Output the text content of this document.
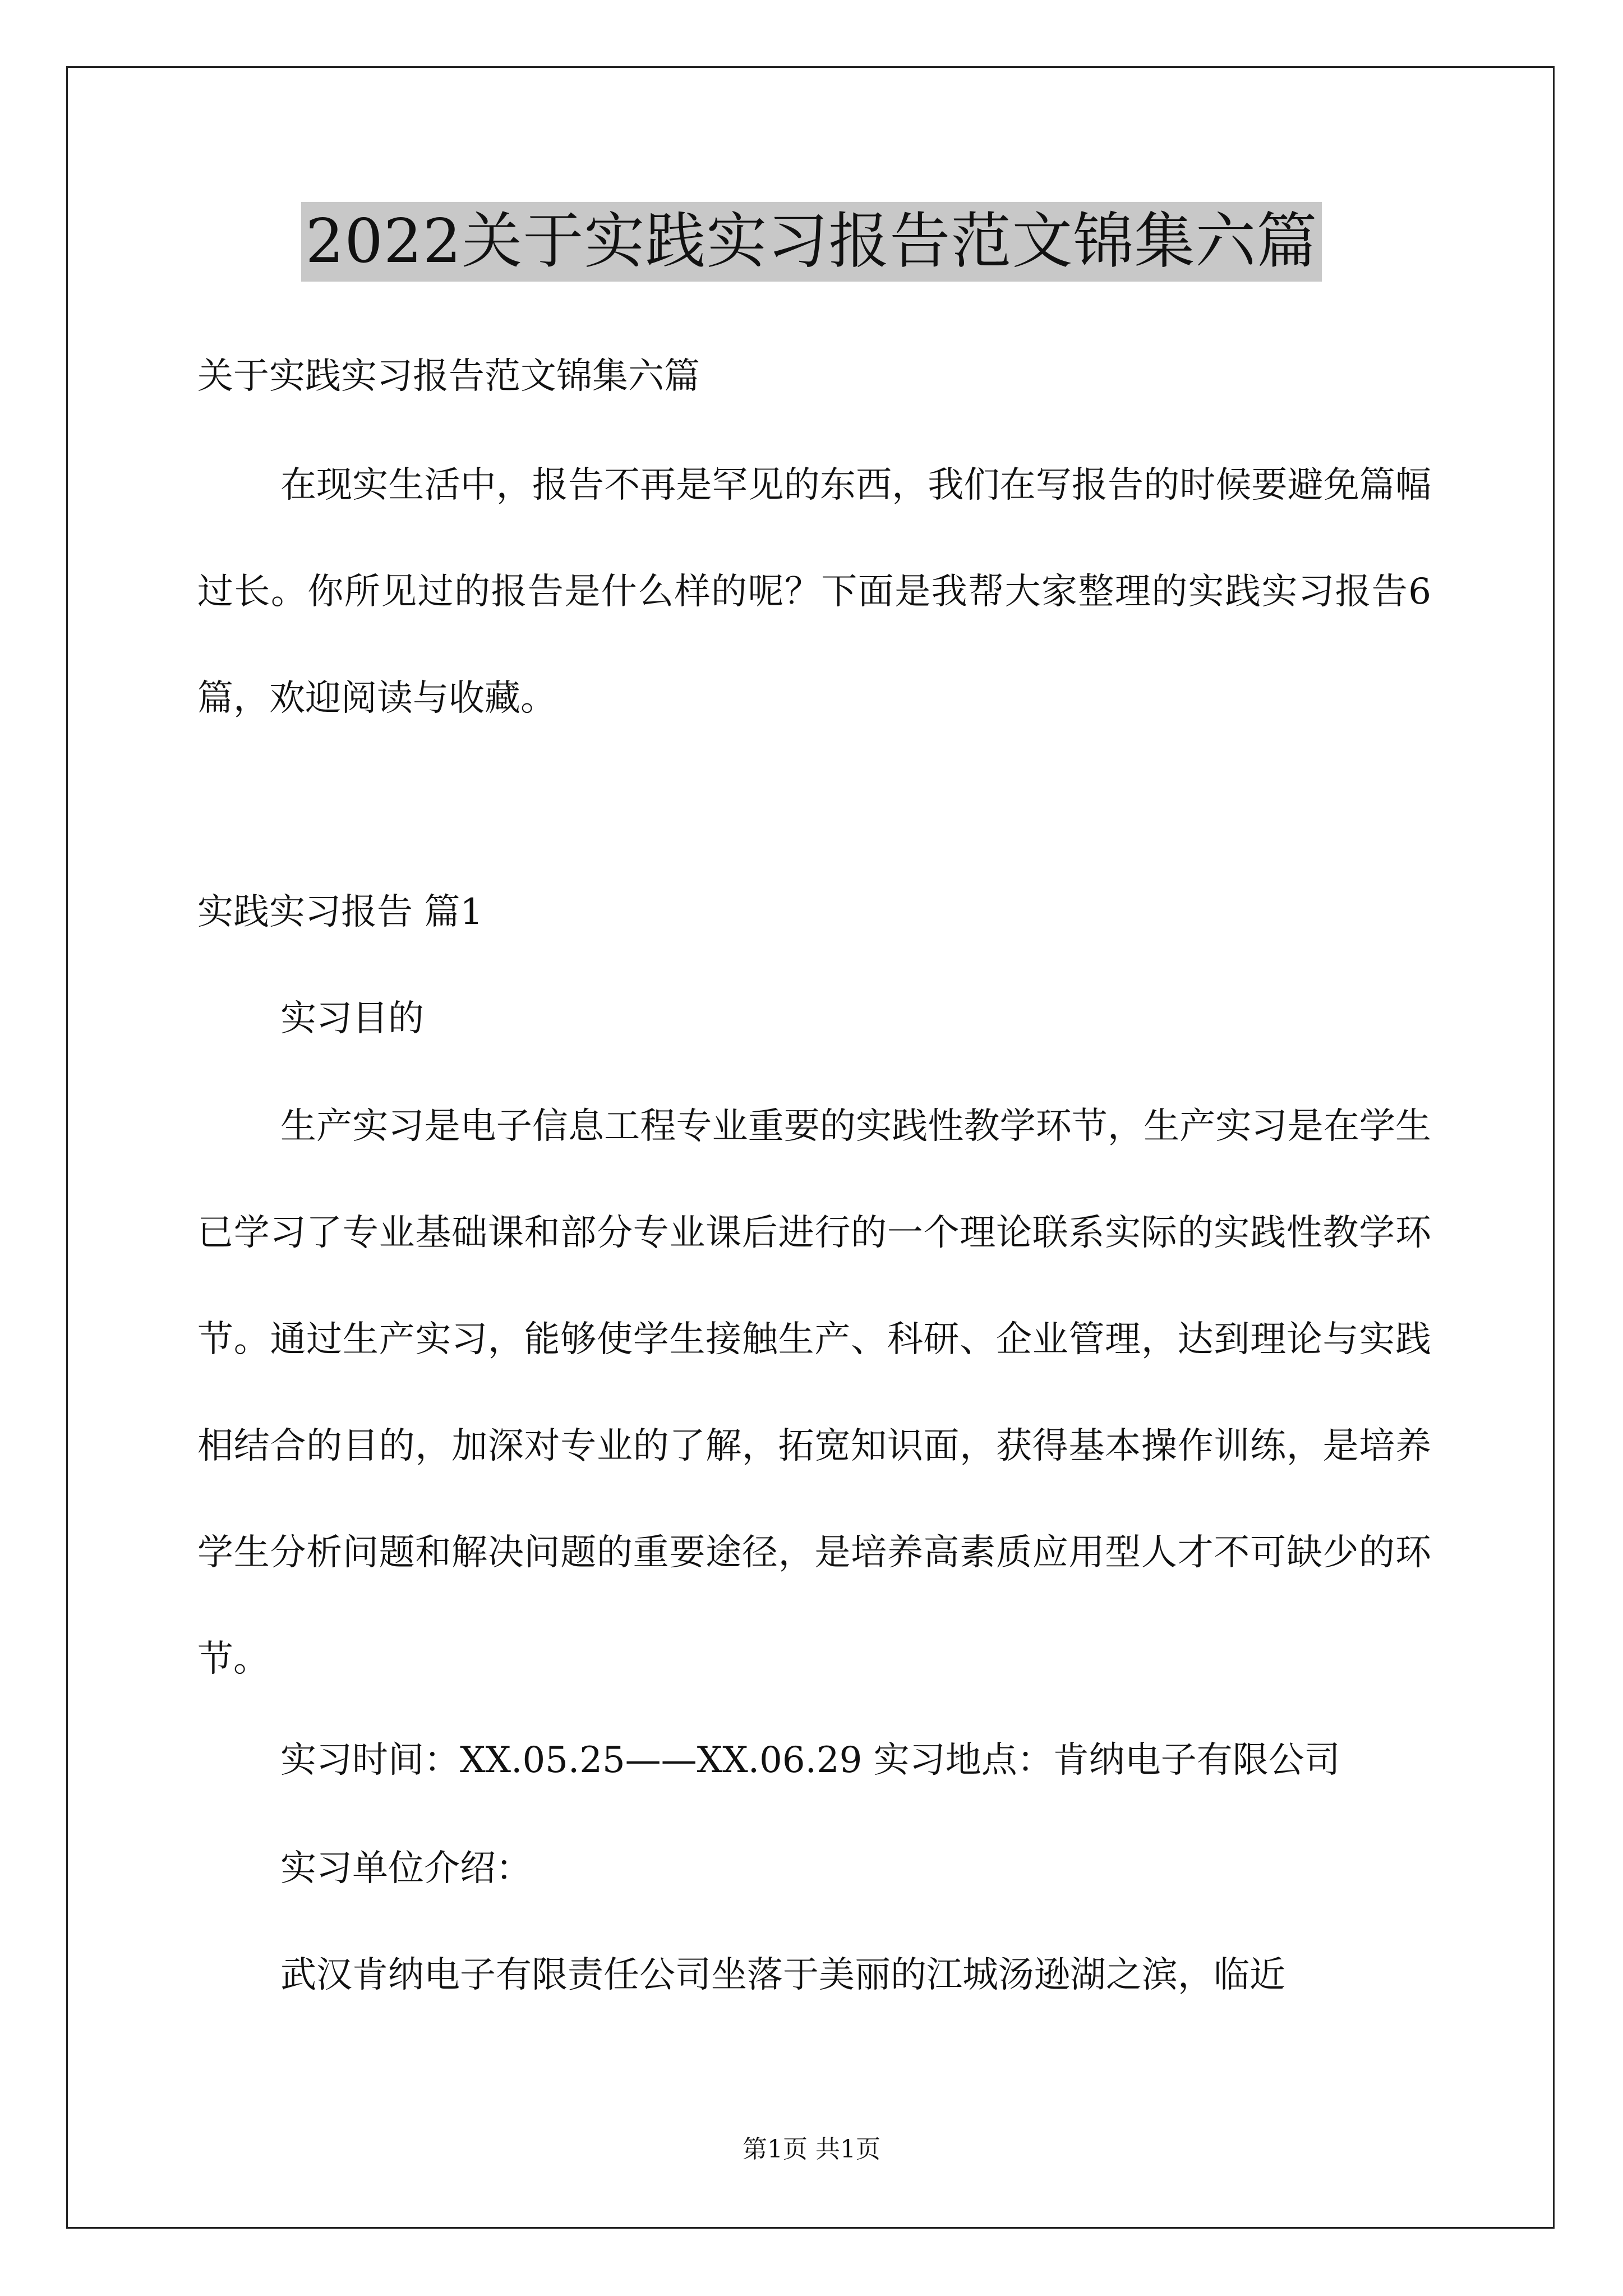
2022关于实践实习报告范文锦集六篇

关于实践实习报告范文锦集六篇

在现实生活中，报告不再是罕见的东西，我们在写报告的时候要避免篇幅过长。你所见过的报告是什么样的呢？下面是我帮大家整理的实践实习报告6篇，欢迎阅读与收藏。

实践实习报告 篇1

实习目的

生产实习是电子信息工程专业重要的实践性教学环节，生产实习是在学生已学习了专业基础课和部分专业课后进行的一个理论联系实际的实践性教学环节。通过生产实习，能够使学生接触生产、科研、企业管理，达到理论与实践相结合的目的，加深对专业的了解，拓宽知识面，获得基本操作训练，是培养学生分析问题和解决问题的重要途径，是培养高素质应用型人才不可缺少的环节。

实习时间：XX.05.25——XX.06.29 实习地点：肯纳电子有限公司

实习单位介绍：

武汉肯纳电子有限责任公司坐落于美丽的江城汤逊湖之滨，临近

第1页 共1页
